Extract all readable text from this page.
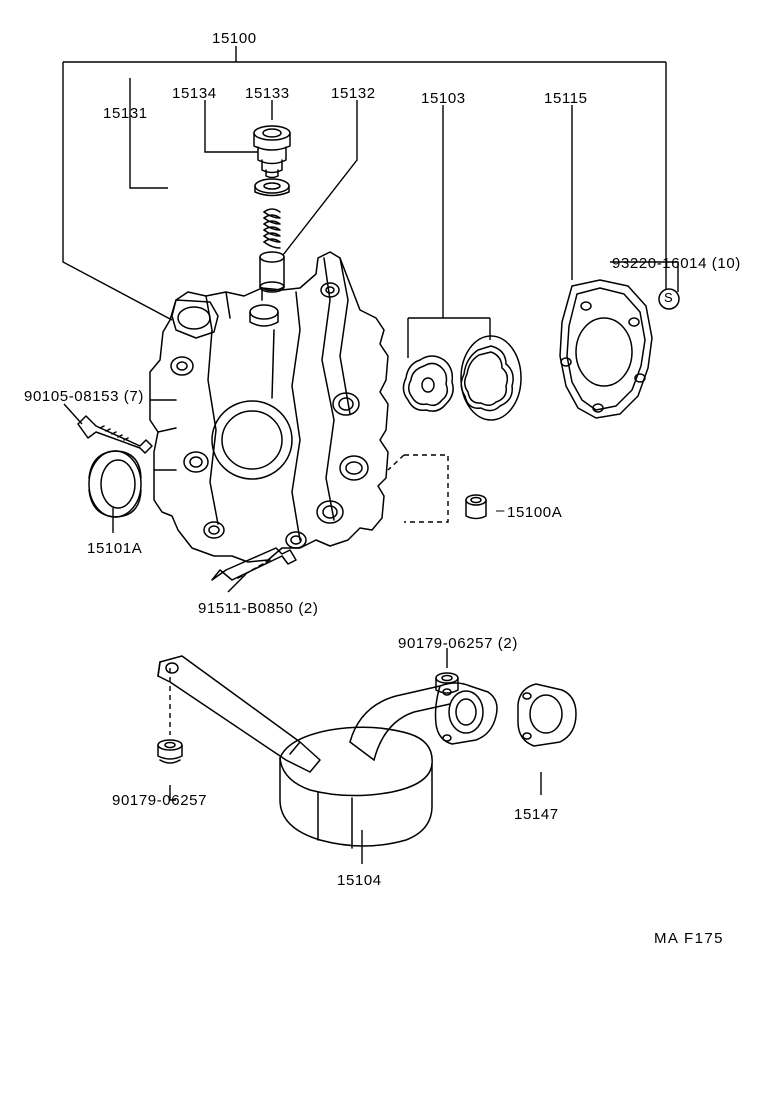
15100
15131
15134 15133	15132	15103	15115
93220-16014 (10)
90105-08153 (7)
15101A
15100A
91511-B0850 (2)
90179-06257 (2)
90179-06257
15147
15104
S
–
MA F175
